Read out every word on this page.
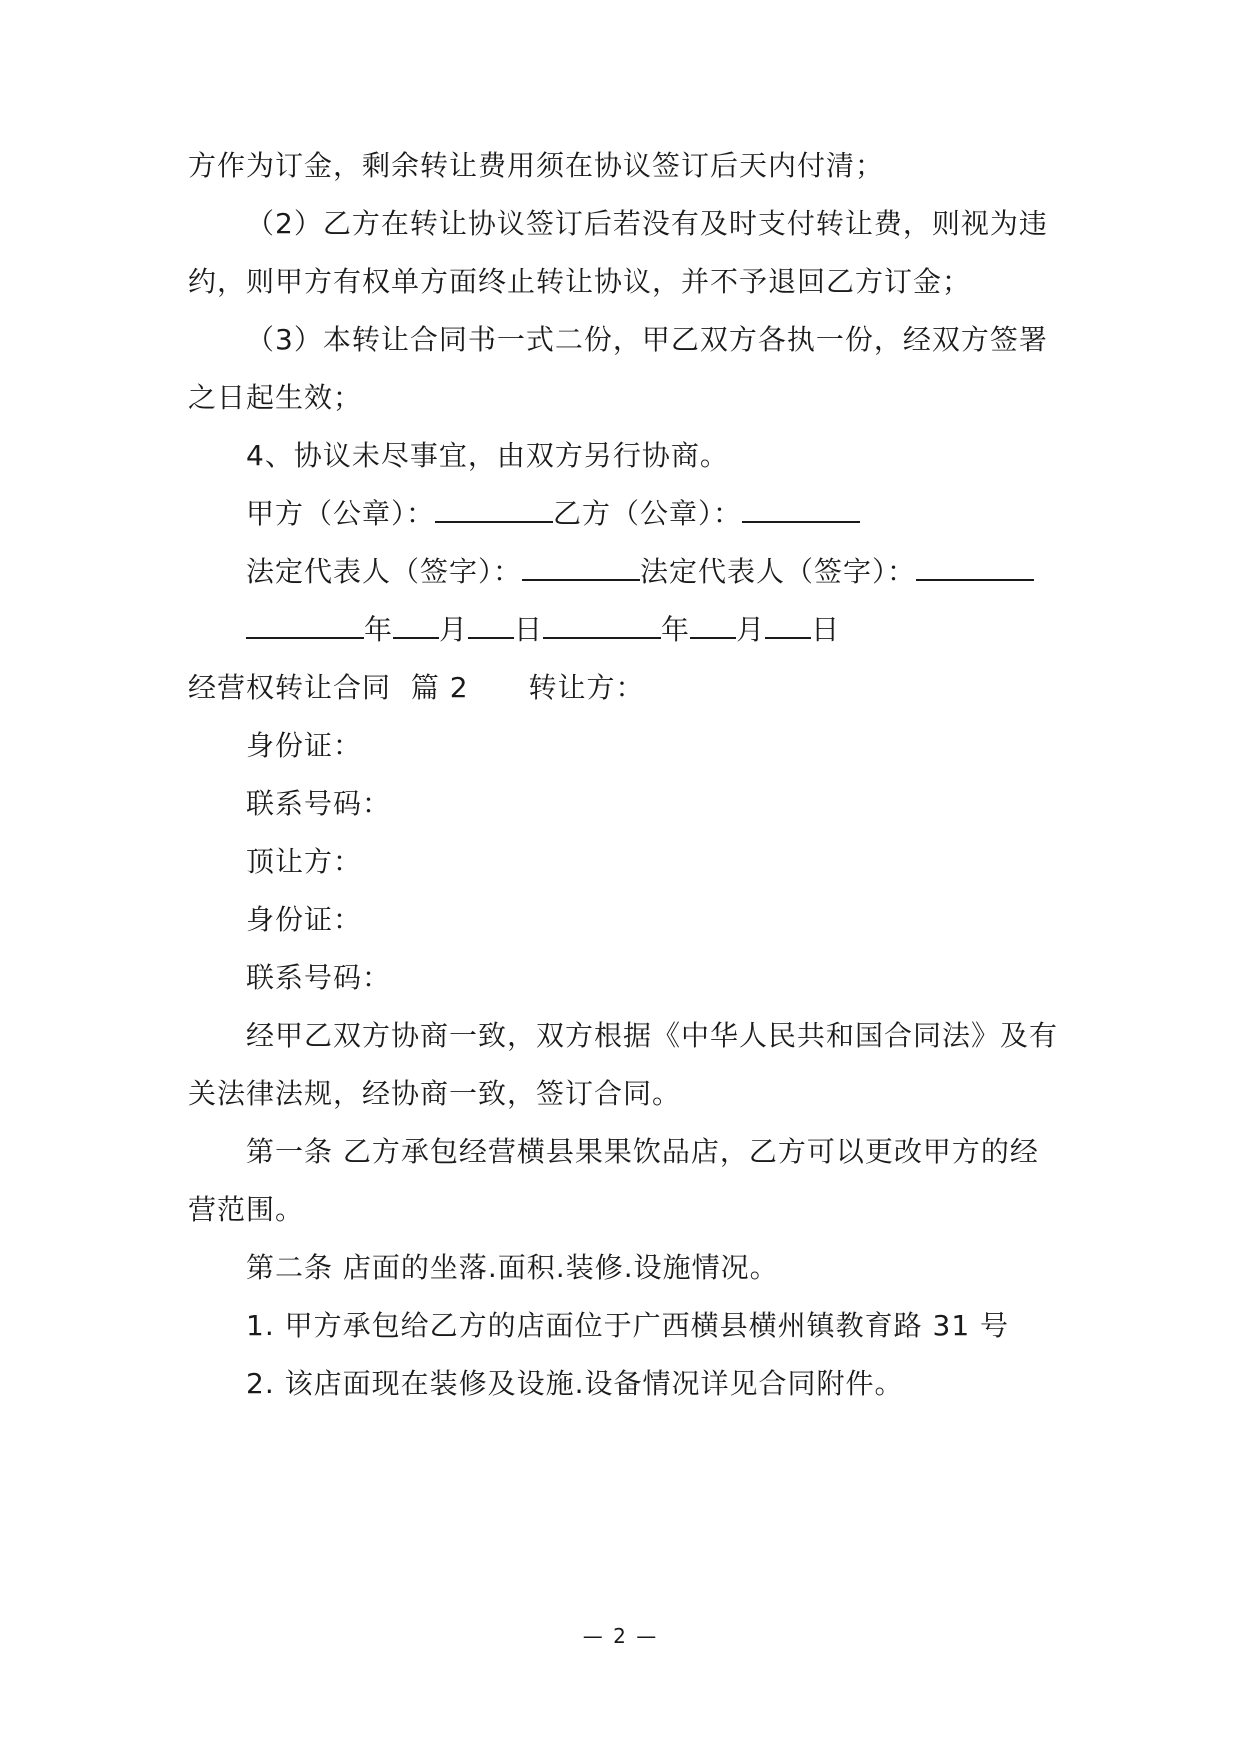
方作为订金，剩余转让费用须在协议签订后天内付清；
（2）乙方在转让协议签订后若没有及时支付转让费，则视为违
约，则甲方有权单方面终止转让协议，并不予退回乙方订金；
（3）本转让合同书一式二份，甲乙双方各执一份，经双方签署
之日起生效；
4、协议未尽事宜，由双方另行协商。
甲方（公章）：	乙方（公章）：
法定代表人（签字）：	法定代表人（签字）：
年 月 日	年 月 日
经营权转让合同 篇 2 转让方：
身份证：
联系号码：
顶让方：
身份证：
联系号码：
经甲乙双方协商一致，双方根据《中华人民共和国合同法》及有
关法律法规，经协商一致，签订合同。
第一条 乙方承包经营横县果果饮品店，乙方可以更改甲方的经
营范围。
第二条 店面的坐落.面积.装修.设施情况。
1. 甲方承包给乙方的店面位于广西横县横州镇教育路 31 号
2. 该店面现在装修及设施.设备情况详见合同附件。
— 2 —
